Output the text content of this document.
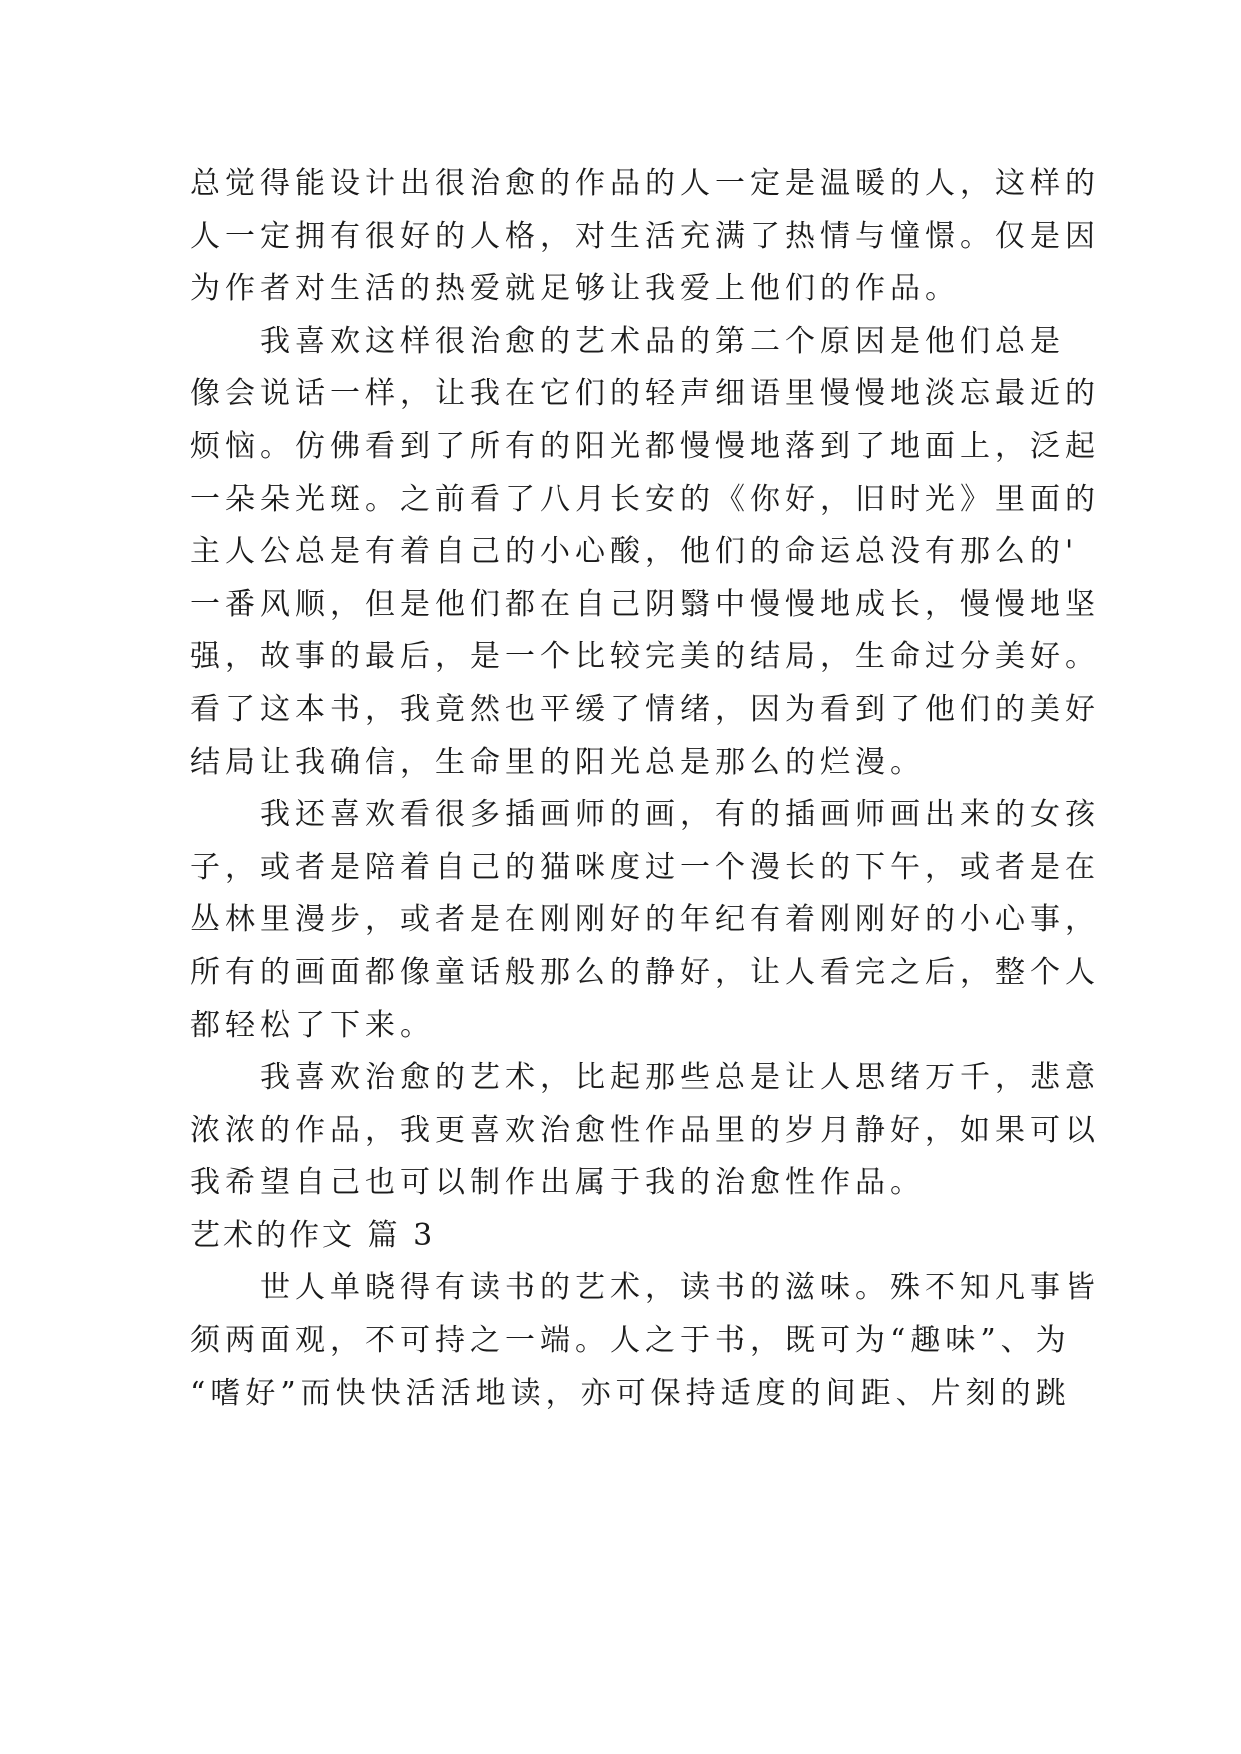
总觉得能设计出很治愈的作品的人一定是温暖的人，这样的
人一定拥有很好的人格，对生活充满了热情与憧憬。仅是因
为作者对生活的热爱就足够让我爱上他们的作品。
我喜欢这样很治愈的艺术品的第二个原因是他们总是
像会说话一样，让我在它们的轻声细语里慢慢地淡忘最近的
烦恼。仿佛看到了所有的阳光都慢慢地落到了地面上，泛起
一朵朵光斑。之前看了八月长安的《你好，旧时光》里面的
主人公总是有着自己的小心酸，他们的命运总没有那么的'
一番风顺，但是他们都在自己阴翳中慢慢地成长，慢慢地坚
强，故事的最后，是一个比较完美的结局，生命过分美好。
看了这本书，我竟然也平缓了情绪，因为看到了他们的美好
结局让我确信，生命里的阳光总是那么的烂漫。
我还喜欢看很多插画师的画，有的插画师画出来的女孩
子，或者是陪着自己的猫咪度过一个漫长的下午，或者是在
丛林里漫步，或者是在刚刚好的年纪有着刚刚好的小心事，
所有的画面都像童话般那么的静好，让人看完之后，整个人
都轻松了下来。
我喜欢治愈的艺术，比起那些总是让人思绪万千，悲意
浓浓的作品，我更喜欢治愈性作品里的岁月静好，如果可以
我希望自己也可以制作出属于我的治愈性作品。
艺术的作文 篇 3
世人单晓得有读书的艺术，读书的滋味。殊不知凡事皆
须两面观，不可持之一端。人之于书，既可为“趣味”、为
“嗜好”而快快活活地读，亦可保持适度的间距、片刻的跳
